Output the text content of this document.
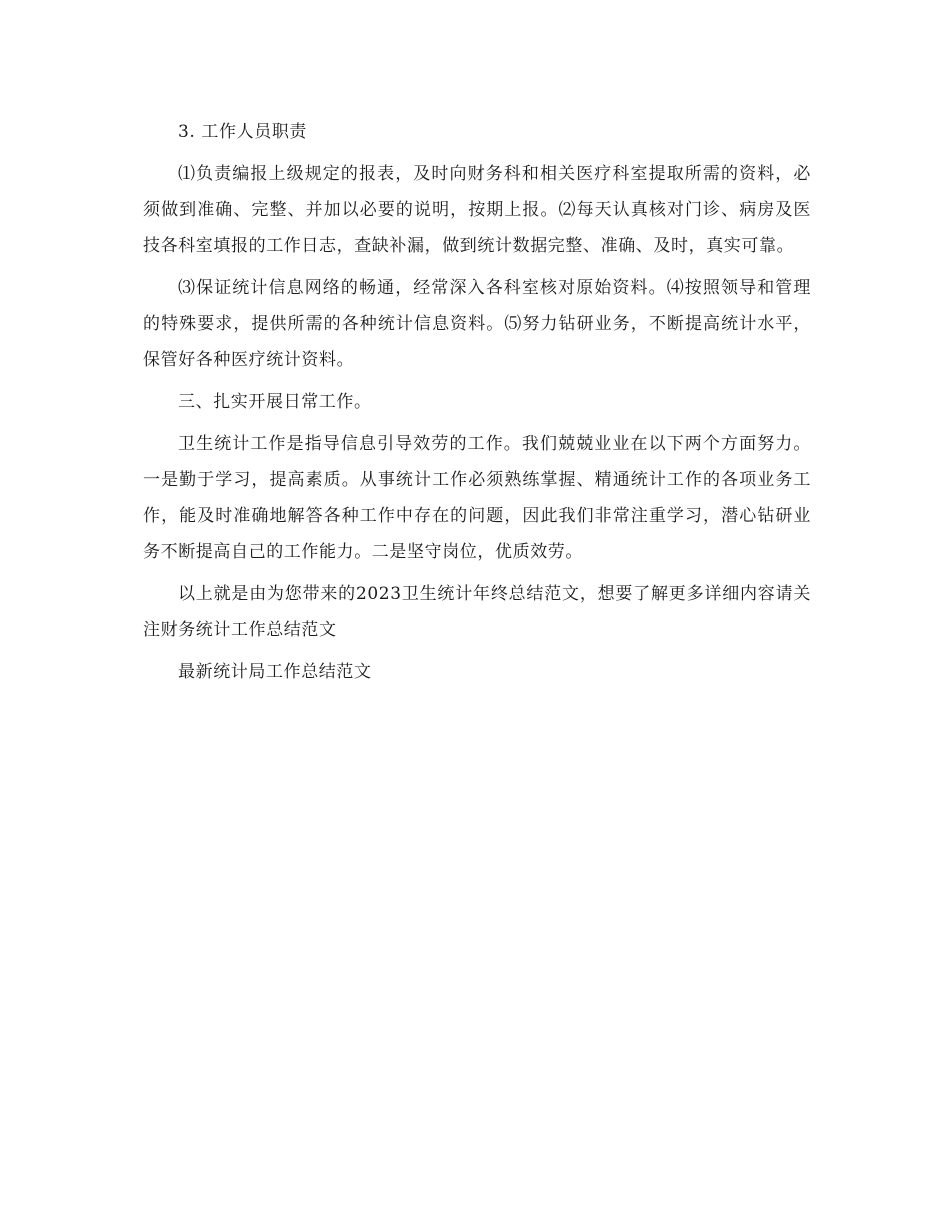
3. 工作人员职责

⑴负责编报上级规定的报表，及时向财务科和相关医疗科室提取所需的资料，必须做到准确、完整、并加以必要的说明，按期上报。⑵每天认真核对门诊、病房及医技各科室填报的工作日志，查缺补漏，做到统计数据完整、准确、及时，真实可靠。

⑶保证统计信息网络的畅通，经常深入各科室核对原始资料。⑷按照领导和管理的特殊要求，提供所需的各种统计信息资料。⑸努力钻研业务，不断提高统计水平，保管好各种医疗统计资料。

三、扎实开展日常工作。

卫生统计工作是指导信息引导效劳的工作。我们兢兢业业在以下两个方面努力。一是勤于学习，提高素质。从事统计工作必须熟练掌握、精通统计工作的各项业务工作，能及时准确地解答各种工作中存在的问题，因此我们非常注重学习，潜心钻研业务不断提高自己的工作能力。二是坚守岗位，优质效劳。

以上就是由为您带来的2023卫生统计年终总结范文，想要了解更多详细内容请关注财务统计工作总结范文

最新统计局工作总结范文
